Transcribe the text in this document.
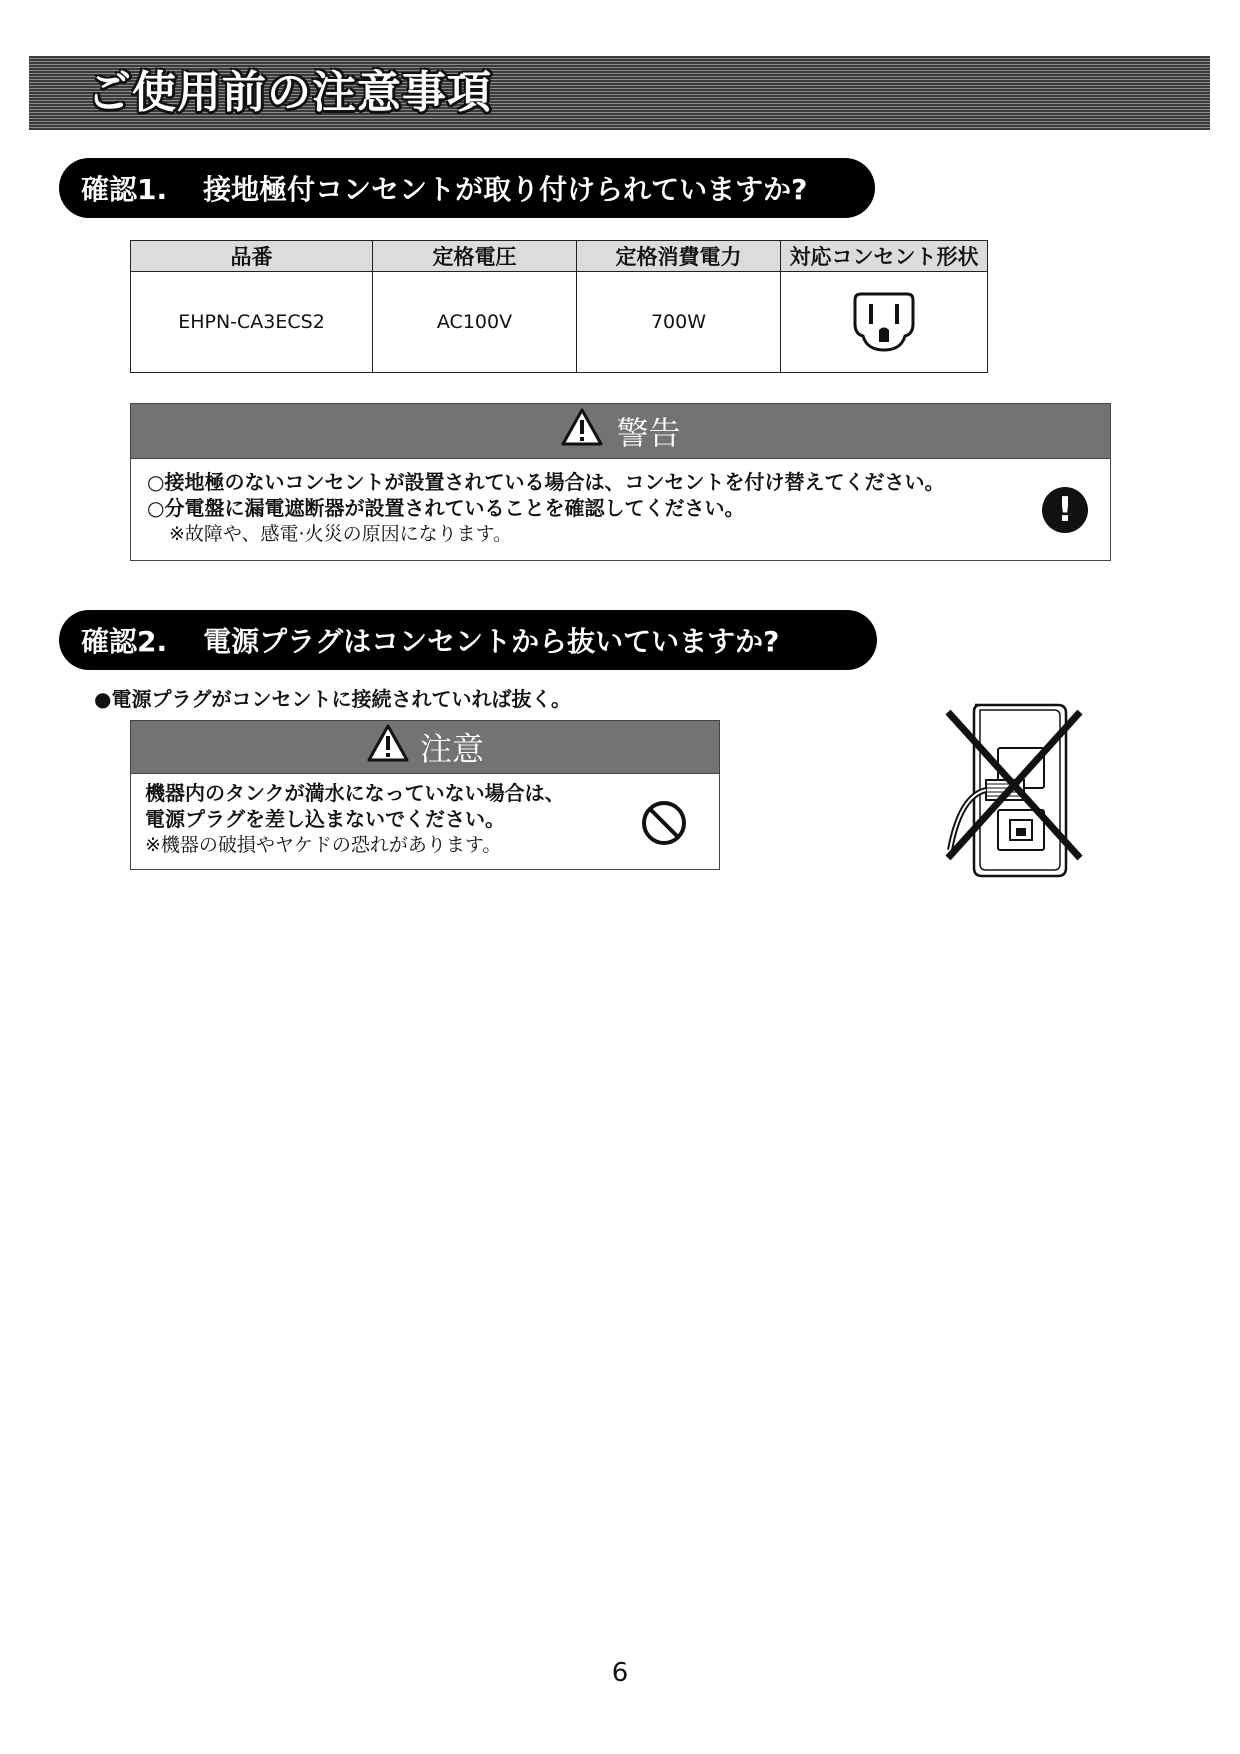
ご使用前の注意事項
確認1. 接地極付コンセントが取り付けられていますか?
品番	定格電圧	定格消費電力	対応コンセント形状
EHPN-CA3ECS2	AC100V	700W	
警告
○接地極のないコンセントが設置されている場合は、コンセントを付け替えてください。
○分電盤に漏電遮断器が設置されていることを確認してください。
※故障や、感電·火災の原因になります。
!
確認2. 電源プラグはコンセントから抜いていますか?
●電源プラグがコンセントに接続されていれば抜く。
注意
機器内のタンクが満水になっていない場合は、
電源プラグを差し込まないでください。
※機器の破損やヤケドの恐れがあります。
6
